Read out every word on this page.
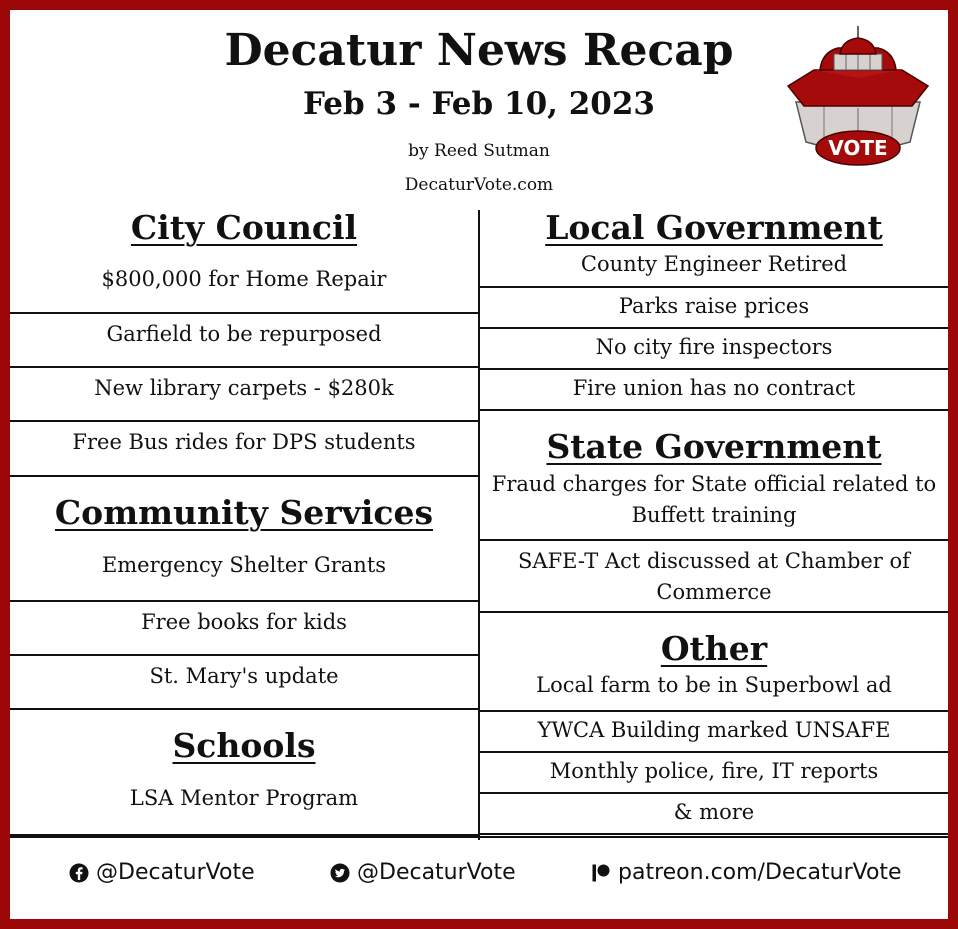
Decatur News Recap
Feb 3 - Feb 10, 2023
by Reed Sutman
DecaturVote.com
VOTE
City Council
$800,000 for Home Repair
Garfield to be repurposed
New library carpets - $280k
Free Bus rides for DPS students
Community Services
Emergency Shelter Grants
Free books for kids
St. Mary's update
Schools
LSA Mentor Program
Local Government
County Engineer Retired
Parks raise prices
No city fire inspectors
Fire union has no contract
State Government
Fraud charges for State official related to Buffett training
SAFE-T Act discussed at Chamber of Commerce
Other
Local farm to be in Superbowl ad
YWCA Building marked UNSAFE
Monthly police, fire, IT reports
& more
@DecaturVote	@DecaturVote	patreon.com/DecaturVote
